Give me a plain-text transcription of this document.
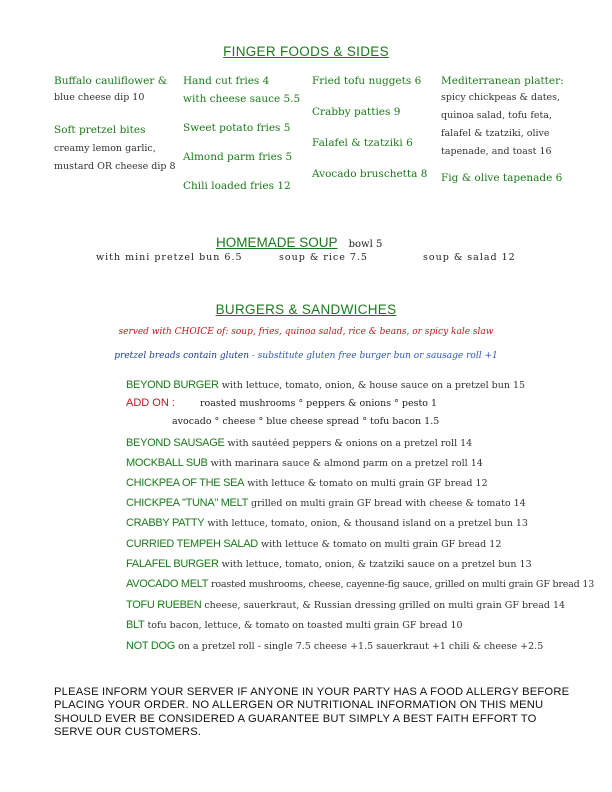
FINGER FOODS & SIDES
Buffalo cauliflower &
blue cheese dip 10
Soft pretzel bites
creamy lemon garlic,
mustard OR cheese dip 8
Hand cut fries 4
with cheese sauce 5.5
Sweet potato fries 5
Almond parm fries 5
Chili loaded fries 12
Fried tofu nuggets 6
Crabby patties 9
Falafel & tzatziki 6
Avocado bruschetta 8
Mediterranean platter:
spicy chickpeas & dates,
quinoa salad, tofu feta,
falafel & tzatziki, olive
tapenade, and toast 16
Fig & olive tapenade 6
HOMEMADE SOUP bowl 5
with mini pretzel bun 6.5	soup & rice 7.5	soup & salad 12
BURGERS & SANDWICHES
served with CHOICE of: soup, fries, quinoa salad, rice & beans, or spicy kale slaw
pretzel breads contain gluten - substitute gluten free burger bun or sausage roll +1
BEYOND BURGER with lettuce, tomato, onion, & house sauce on a pretzel bun 15
ADD ON :	roasted mushrooms ° peppers & onions ° pesto 1
avocado ° cheese ° blue cheese spread ° tofu bacon 1.5
BEYOND SAUSAGE with sautéed peppers & onions on a pretzel roll 14
MOCKBALL SUB with marinara sauce & almond parm on a pretzel roll 14
CHICKPEA OF THE SEA with lettuce & tomato on multi grain GF bread 12
CHICKPEA "TUNA" MELT grilled on multi grain GF bread with cheese & tomato 14
CRABBY PATTY with lettuce, tomato, onion, & thousand island on a pretzel bun 13
CURRIED TEMPEH SALAD with lettuce & tomato on multi grain GF bread 12
FALAFEL BURGER with lettuce, tomato, onion, & tzatziki sauce on a pretzel bun 13
AVOCADO MELT roasted mushrooms, cheese, cayenne-fig sauce, grilled on multi grain GF bread 13
TOFU RUEBEN cheese, sauerkraut, & Russian dressing grilled on multi grain GF bread 14
BLT tofu bacon, lettuce, & tomato on toasted multi grain GF bread 10
NOT DOG on a pretzel roll - single 7.5 cheese +1.5 sauerkraut +1 chili & cheese +2.5
PLEASE INFORM YOUR SERVER IF ANYONE IN YOUR PARTY HAS A FOOD ALLERGY BEFORE PLACING YOUR ORDER. NO ALLERGEN OR NUTRITIONAL INFORMATION ON THIS MENU SHOULD EVER BE CONSIDERED A GUARANTEE BUT SIMPLY A BEST FAITH EFFORT TO SERVE OUR CUSTOMERS.
